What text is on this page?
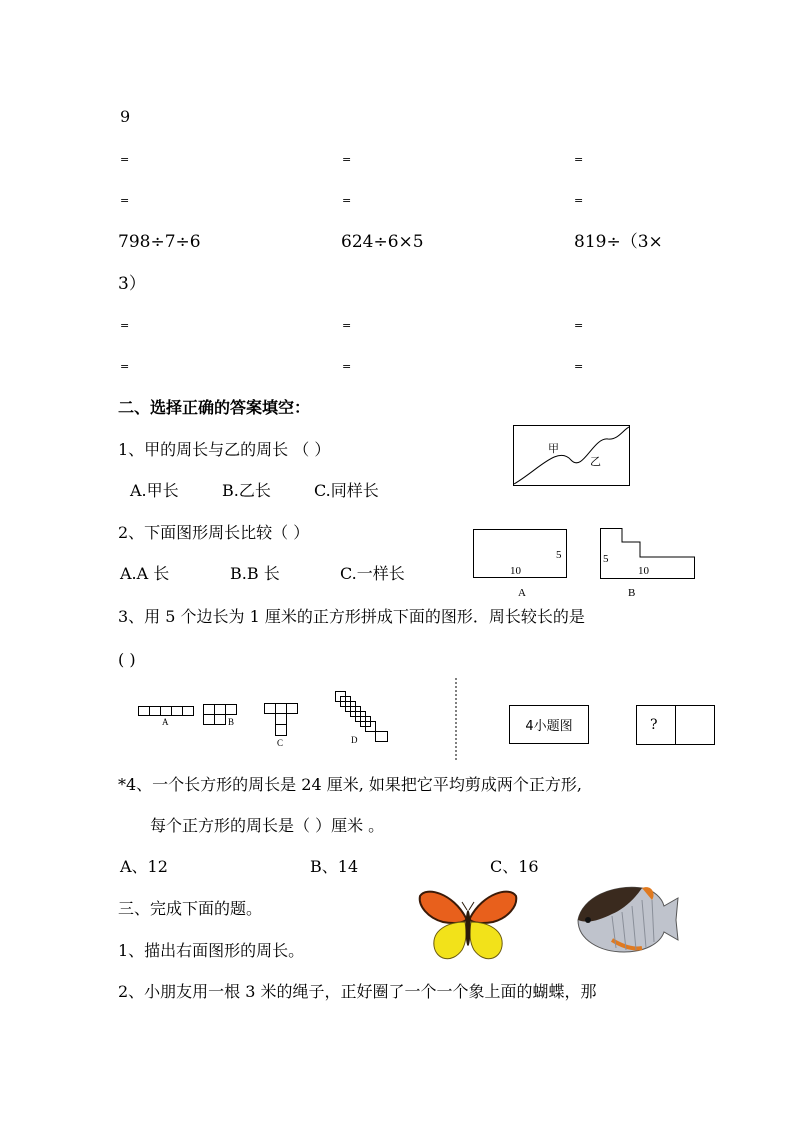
9
=	=	=
=	=	=
798÷7÷6	624÷6×5	819÷（3×
3）
=	=	=
=	=	=
二、选择正确的答案填空：
1、甲的周长与乙的周长 （ ）
A.甲长	B.乙长	C.同样长
甲
乙
2、下面图形周长比较（ ）
A.A 长	B.B 长	C.一样长
5
10
A
5
10
B
3、用 5 个边长为 1 厘米的正方形拼成下面的图形．周长较长的是
( )
A	B
C	D
4小题图	?
*4、一个长方形的周长是 24 厘米, 如果把它平均剪成两个正方形,
每个正方形的周长是（ ）厘米 。
A、12	B、14	C、16
三、完成下面的题。
1、描出右面图形的周长。
2、小朋友用一根 3 米的绳子，正好圈了一个一个象上面的蝴蝶，那
